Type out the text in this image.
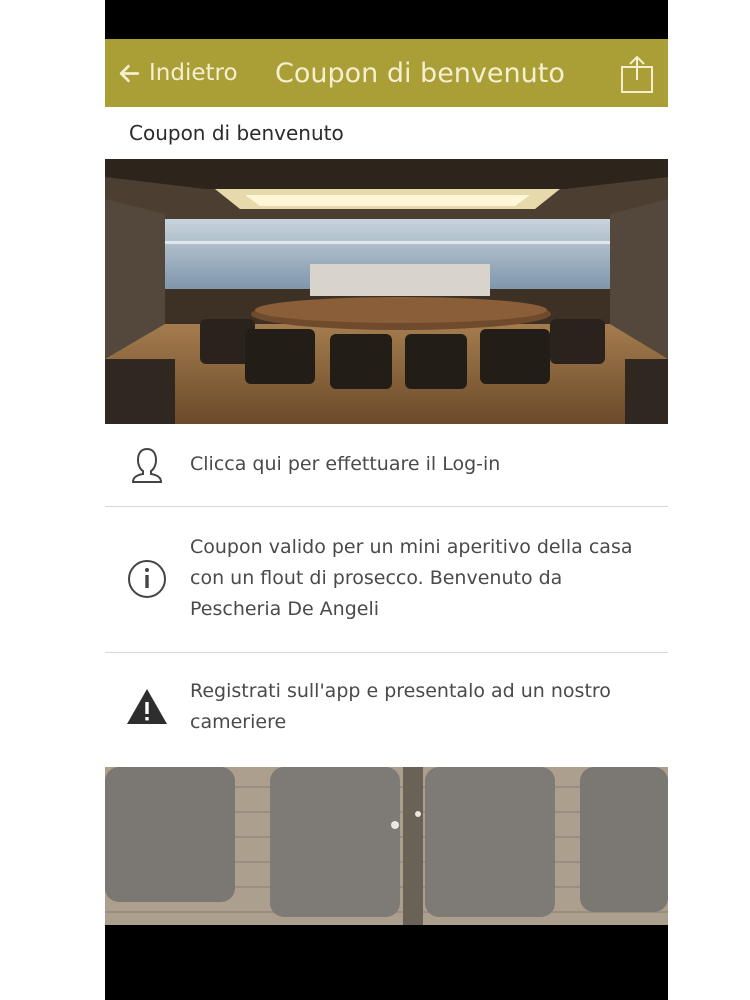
Indietro Coupon di benvenuto
Coupon di benvenuto
Clicca qui per effettuare il Log-in
Coupon valido per un mini aperitivo della casa con un flout di prosecco. Benvenuto da Pescheria De Angeli
Registrati sull'app e presentalo ad un nostro cameriere
